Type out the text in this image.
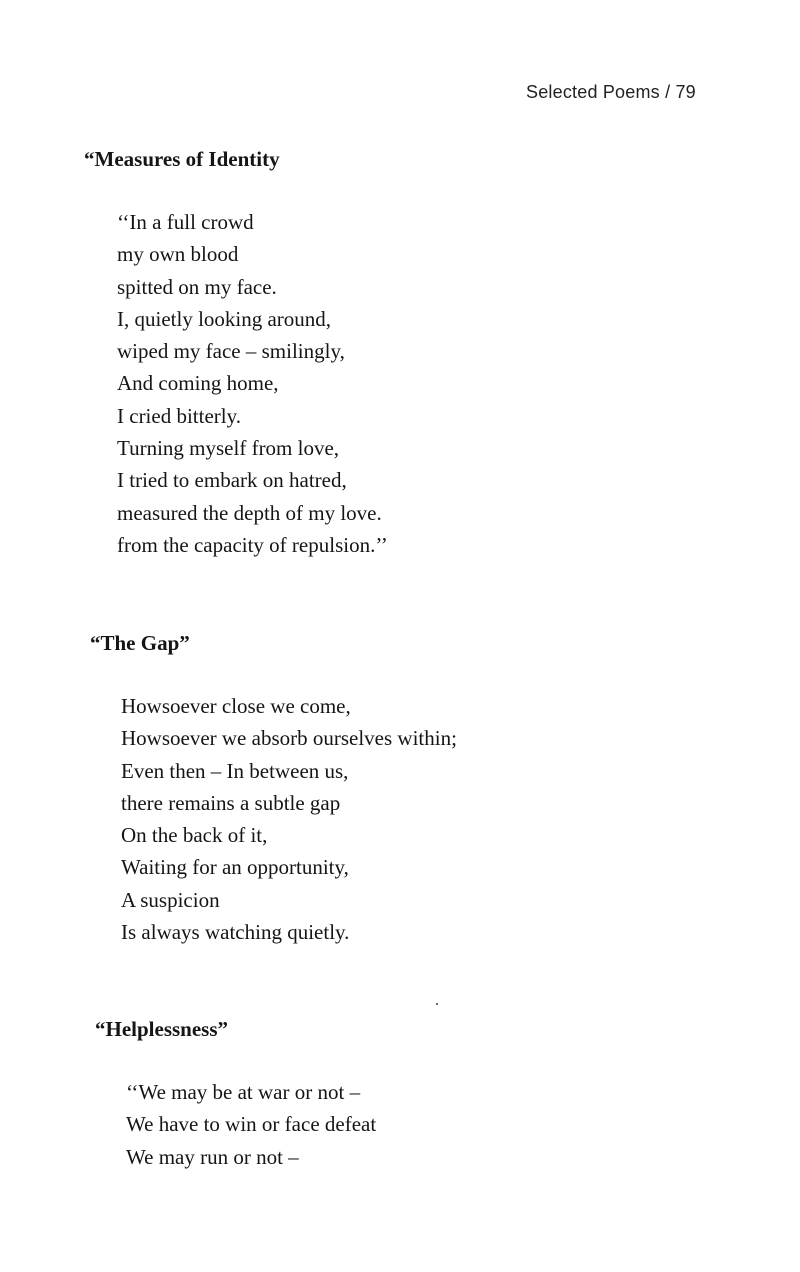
Selected Poems / 79
“Measures of Identity
‘‘In a full crowd
my own blood
spitted on my face.
I, quietly looking around,
wiped my face – smilingly,
And coming home,
I cried bitterly.
Turning myself from love,
I tried to embark on hatred,
measured the depth of my love.
from the capacity of repulsion.’’
“The Gap”
Howsoever close we come,
Howsoever we absorb ourselves within;
Even then – In between us,
there remains a subtle gap
On the back of it,
Waiting for an opportunity,
A suspicion
Is always watching quietly.
“Helplessness”
‘‘We may be at war or not –
We have to win or face defeat
We may run or not –
